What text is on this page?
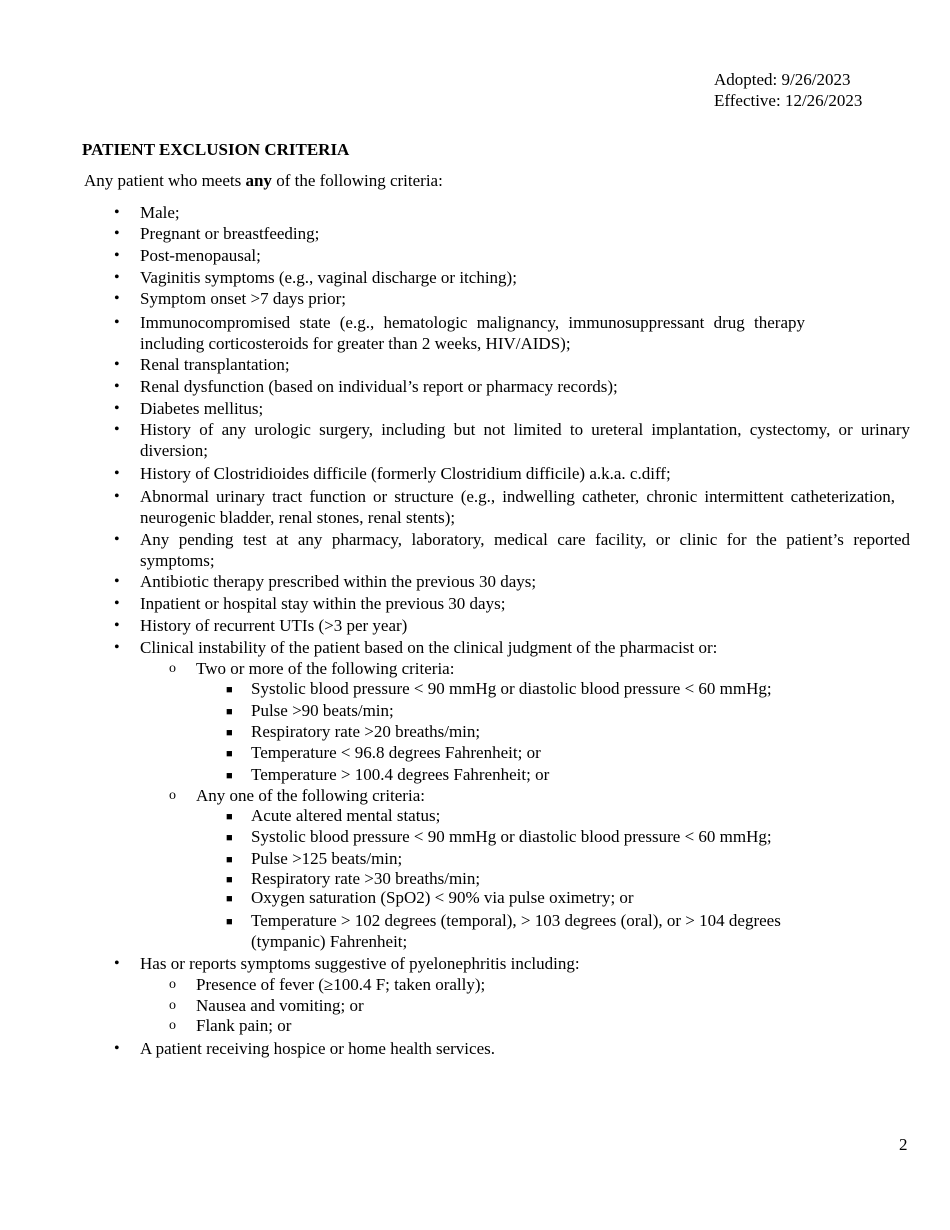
Adopted: 9/26/2023
Effective: 12/26/2023
PATIENT EXCLUSION CRITERIA
Any patient who meets any of the following criteria:
• Male;
• Pregnant or breastfeeding;
• Post-menopausal;
• Vaginitis symptoms (e.g., vaginal discharge or itching);
• Symptom onset >7 days prior;
• Immunocompromised state (e.g., hematologic malignancy, immunosuppressant drug therapy including corticosteroids for greater than 2 weeks, HIV/AIDS);
• Renal transplantation;
• Renal dysfunction (based on individual’s report or pharmacy records);
• Diabetes mellitus;
• History of any urologic surgery, including but not limited to ureteral implantation, cystectomy, or urinary diversion;
• History of Clostridioides difficile (formerly Clostridium difficile) a.k.a. c.diff;
• Abnormal urinary tract function or structure (e.g., indwelling catheter, chronic intermittent catheterization, neurogenic bladder, renal stones, renal stents);
• Any pending test at any pharmacy, laboratory, medical care facility, or clinic for the patient’s reported symptoms;
• Antibiotic therapy prescribed within the previous 30 days;
• Inpatient or hospital stay within the previous 30 days;
• History of recurrent UTIs (>3 per year)
• Clinical instability of the patient based on the clinical judgment of the pharmacist or:
o Two or more of the following criteria:
■ Systolic blood pressure < 90 mmHg or diastolic blood pressure < 60 mmHg;
■ Pulse >90 beats/min;
■ Respiratory rate >20 breaths/min;
■ Temperature < 96.8 degrees Fahrenheit; or
■ Temperature > 100.4 degrees Fahrenheit; or
o Any one of the following criteria:
■ Acute altered mental status;
■ Systolic blood pressure < 90 mmHg or diastolic blood pressure < 60 mmHg;
■ Pulse >125 beats/min;
■ Respiratory rate >30 breaths/min;
■ Oxygen saturation (SpO2) < 90% via pulse oximetry; or
■ Temperature > 102 degrees (temporal), > 103 degrees (oral), or > 104 degrees (tympanic) Fahrenheit;
• Has or reports symptoms suggestive of pyelonephritis including:
o Presence of fever (≥100.4 F; taken orally);
o Nausea and vomiting; or
o Flank pain; or
• A patient receiving hospice or home health services.
2
